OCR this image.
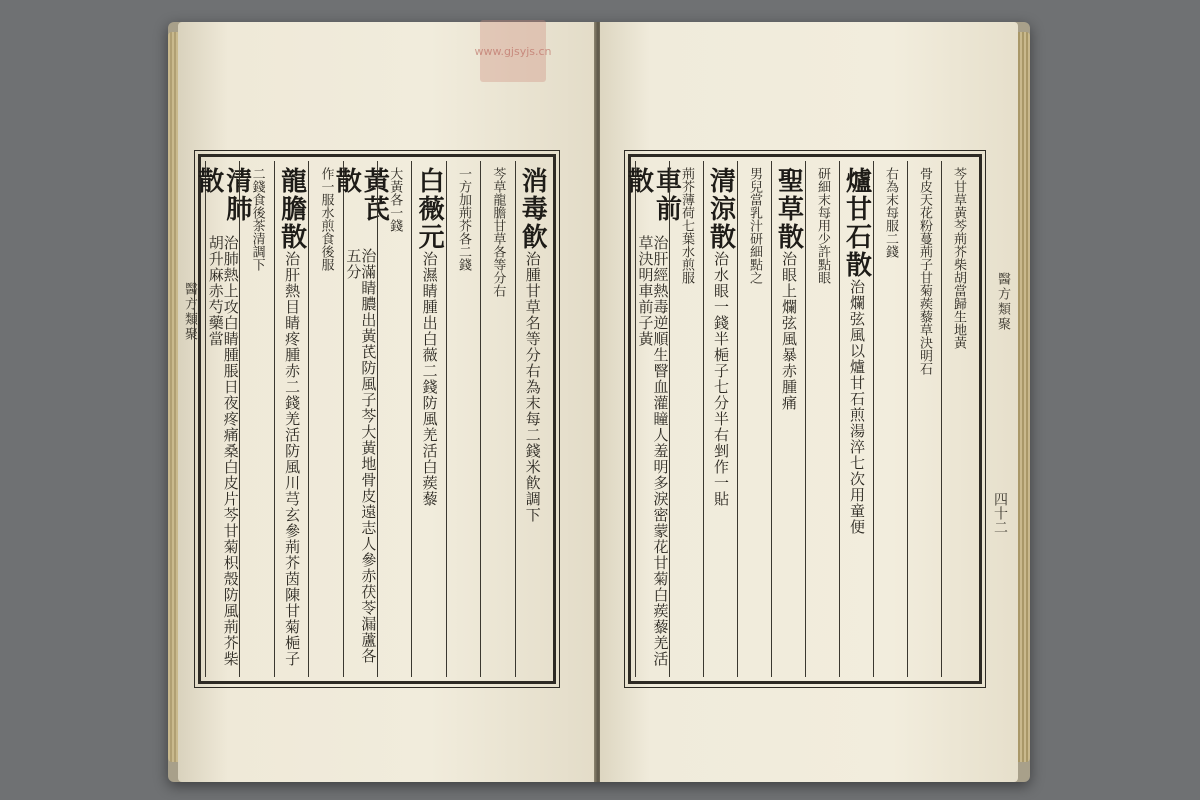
消毒飮
治腫甘草名等分右為末每二錢米飮調下
芩草龍膽甘草各等分右
一方加荊芥各二錢
白薇元
治濕睛腫出白薇二錢防風羌活白蒺藜
大黃各一錢
黃芪散
治滿睛膿出黃芪防風子芩大黃地骨皮遠志人參赤茯苓漏蘆各五分
作一服水煎食後服
龍膽散
治肝熱目睛疼腫赤二錢羌活防風川芎玄參荊芥茵陳甘菊梔子
二錢食後茶清調下
清肺散
治肺熱上攻白睛腫脹日夜疼痛桑白皮片芩甘菊枳殼防風荊芥柴胡升麻赤芍藥當
醫方類聚
www.gjsyjs.cn
芩甘草黃芩荊芥柴胡當歸生地黃
骨皮天花粉蔓荊子甘菊蒺藜草決明石
右為末每服二錢
爐甘石散
治爛弦風以爐甘石煎湯淬七次用童便
研細末每用少許點眼
聖草散
治眼上爛弦風暴赤腫痛
男兒當乳汁研細點之
清涼散
治水眼一錢半梔子七分半右剉作一貼
荊芥薄荷七葉水煎服
車前散
治肝經熱毒逆順生瞖血灌瞳人羞明多淚密蒙花甘菊白蒺藜羌活草決明車前子黃	醫方類聚
四十二
